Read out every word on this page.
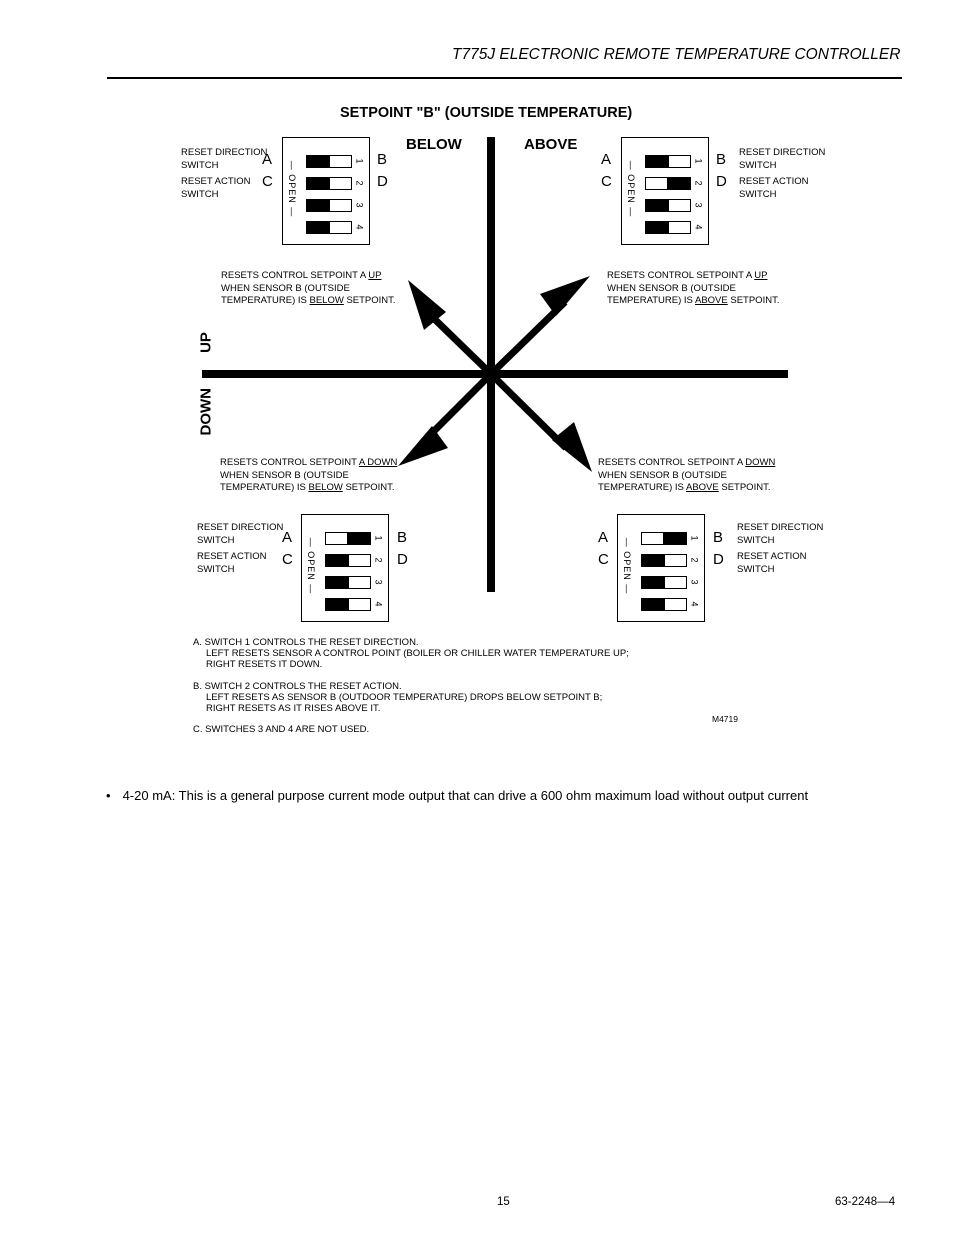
T775J ELECTRONIC REMOTE TEMPERATURE CONTROLLER
SETPOINT "B" (OUTSIDE TEMPERATURE)
BELOW	ABOVE
UP
DOWN
RESET DIRECTION
SWITCH
RESET ACTION
SWITCH
A
C
B
D
— OPEN —	1
2
3
4
RESET DIRECTION
SWITCH
RESET ACTION
SWITCH
A
C
B
D
— OPEN —	1
2
3
4
RESETS CONTROL SETPOINT A UP
WHEN SENSOR B (OUTSIDE
TEMPERATURE) IS BELOW SETPOINT.
RESETS CONTROL SETPOINT A UP
WHEN SENSOR B (OUTSIDE
TEMPERATURE) IS ABOVE SETPOINT.
RESETS CONTROL SETPOINT A DOWN
WHEN SENSOR B (OUTSIDE
TEMPERATURE) IS BELOW SETPOINT.
RESETS CONTROL SETPOINT A DOWN
WHEN SENSOR B (OUTSIDE
TEMPERATURE) IS ABOVE SETPOINT.
RESET DIRECTION
SWITCH
RESET ACTION
SWITCH
A
C
B
D
— OPEN —	1
2
3
4
RESET DIRECTION
SWITCH
RESET ACTION
SWITCH
A
C
B
D
— OPEN —	1
2
3
4
A. SWITCH 1 CONTROLS THE RESET DIRECTION.
LEFT RESETS SENSOR A CONTROL POINT (BOILER OR CHILLER WATER TEMPERATURE UP;
RIGHT RESETS IT DOWN.
B. SWITCH 2 CONTROLS THE RESET ACTION.
LEFT RESETS AS SENSOR B (OUTDOOR TEMPERATURE) DROPS BELOW SETPOINT B;
RIGHT RESETS AS IT RISES ABOVE IT.
C. SWITCHES 3 AND 4 ARE NOT USED.
M4719
• 4-20 mA: This is a general purpose current mode output that can drive a 600 ohm maximum load without output current
15	63-2248—4
